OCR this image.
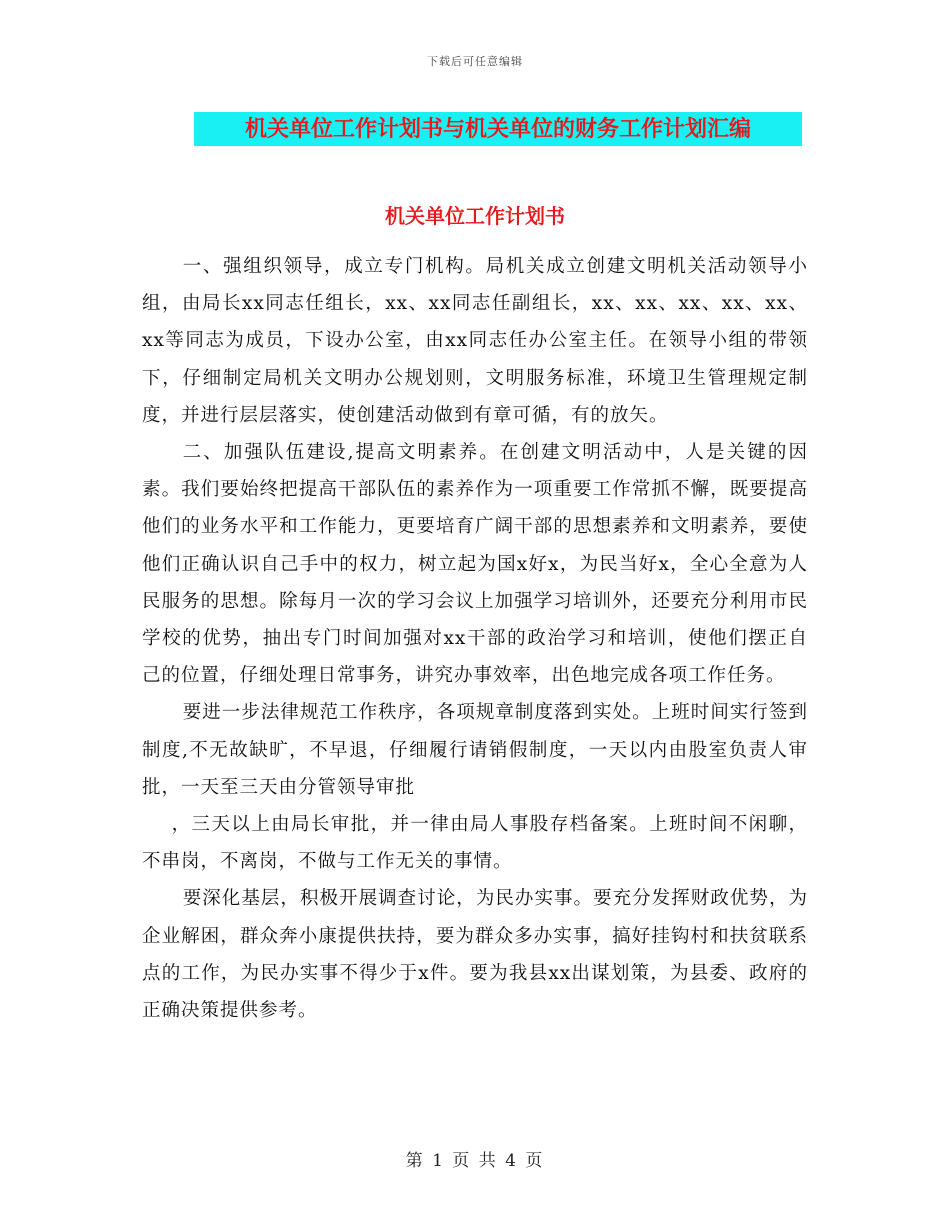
下载后可任意编辑
机关单位工作计划书与机关单位的财务工作计划汇编
机关单位工作计划书

一、强组织领导，成立专门机构。局机关成立创建文明机关活动领导小组，由局长xx同志任组长，xx、xx同志任副组长，xx、xx、xx、xx、xx、xx等同志为成员，下设办公室，由xx同志任办公室主任。在领导小组的带领下，仔细制定局机关文明办公规划则，文明服务标准，环境卫生管理规定制度，并进行层层落实，使创建活动做到有章可循，有的放矢。

二、加强队伍建设,提高文明素养。在创建文明活动中，人是关键的因素。我们要始终把提高干部队伍的素养作为一项重要工作常抓不懈，既要提高他们的业务水平和工作能力，更要培育广阔干部的思想素养和文明素养，要使他们正确认识自己手中的权力，树立起为国x好x，为民当好x，全心全意为人民服务的思想。除每月一次的学习会议上加强学习培训外，还要充分利用市民学校的优势，抽出专门时间加强对xx干部的政治学习和培训，使他们摆正自己的位置，仔细处理日常事务，讲究办事效率，出色地完成各项工作任务。

要进一步法律规范工作秩序，各项规章制度落到实处。上班时间实行签到制度,不无故缺旷，不早退，仔细履行请销假制度，一天以内由股室负责人审批，一天至三天由分管领导审批

，三天以上由局长审批，并一律由局人事股存档备案。上班时间不闲聊，不串岗，不离岗，不做与工作无关的事情。

要深化基层，积极开展调查讨论，为民办实事。要充分发挥财政优势，为企业解困，群众奔小康提供扶持，要为群众多办实事，搞好挂钩村和扶贫联系点的工作，为民办实事不得少于x件。要为我县xx出谋划策，为县委、政府的正确决策提供参考。

第 1 页 共 4 页
